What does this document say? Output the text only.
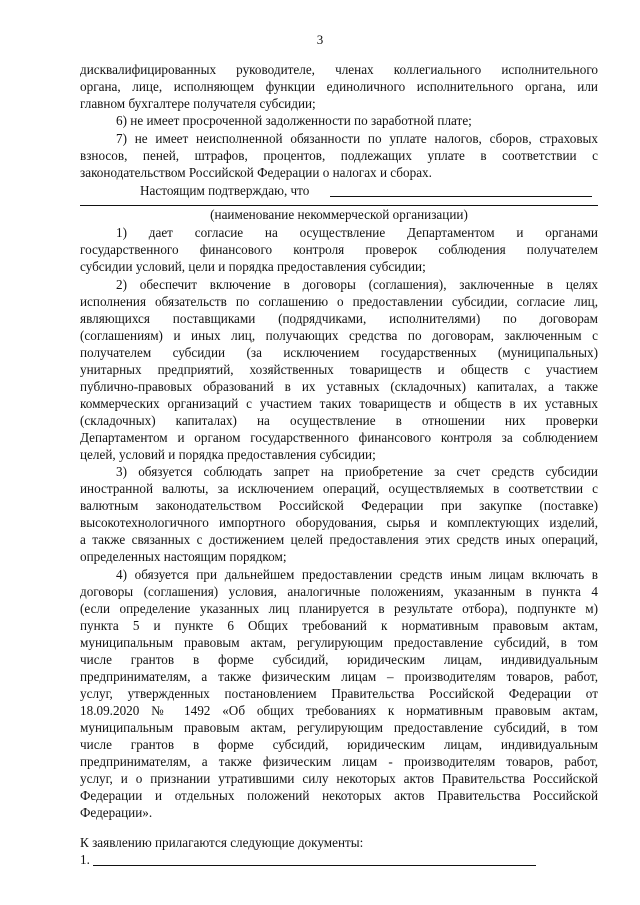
3
дисквалифицированных руководителе, членах коллегиального исполнительного
органа, лице, исполняющем функции единоличного исполнительного органа, или
главном бухгалтере получателя субсидии;
6) не имеет просроченной задолженности по заработной плате;
7) не имеет неисполненной обязанности по уплате налогов, сборов, страховых
взносов, пеней, штрафов, процентов, подлежащих уплате в соответствии с
законодательством Российской Федерации о налогах и сборах.
Настоящим подтверждаю, что
(наименование некоммерческой организации)
1) дает согласие на осуществление Департаментом и органами
государственного финансового контроля проверок соблюдения получателем
субсидии условий, цели и порядка предоставления субсидии;
2) обеспечит включение в договоры (соглашения), заключенные в целях
исполнения обязательств по соглашению о предоставлении субсидии, согласие лиц,
являющихся поставщиками (подрядчиками, исполнителями) по договорам
(соглашениям) и иных лиц, получающих средства по договорам, заключенным с
получателем субсидии (за исключением государственных (муниципальных)
унитарных предприятий, хозяйственных товариществ и обществ с участием
публично-правовых образований в их уставных (складочных) капиталах, а также
коммерческих организаций с участием таких товариществ и обществ в их уставных
(складочных) капиталах) на осуществление в отношении них проверки
Департаментом и органом государственного финансового контроля за соблюдением
целей, условий и порядка предоставления субсидии;
3) обязуется соблюдать запрет на приобретение за счет средств субсидии
иностранной валюты, за исключением операций, осуществляемых в соответствии с
валютным законодательством Российской Федерации при закупке (поставке)
высокотехнологичного импортного оборудования, сырья и комплектующих изделий,
а также связанных с достижением целей предоставления этих средств иных операций,
определенных настоящим порядком;
4) обязуется при дальнейшем предоставлении средств иным лицам включать в
договоры (соглашения) условия, аналогичные положениям, указанным в пункта 4
(если определение указанных лиц планируется в результате отбора), подпункте м)
пункта 5 и пункте 6 Общих требований к нормативным правовым актам,
муниципальным правовым актам, регулирующим предоставление субсидий, в том
числе грантов в форме субсидий, юридическим лицам, индивидуальным
предпринимателям, а также физическим лицам – производителям товаров, работ,
услуг, утвержденных постановлением Правительства Российской Федерации от
18.09.2020 № 1492 «Об общих требованиях к нормативным правовым актам,
муниципальным правовым актам, регулирующим предоставление субсидий, в том
числе грантов в форме субсидий, юридическим лицам, индивидуальным
предпринимателям, а также физическим лицам - производителям товаров, работ,
услуг, и о признании утратившими силу некоторых актов Правительства Российской
Федерации и отдельных положений некоторых актов Правительства Российской
Федерации».
К заявлению прилагаются следующие документы:
1.
